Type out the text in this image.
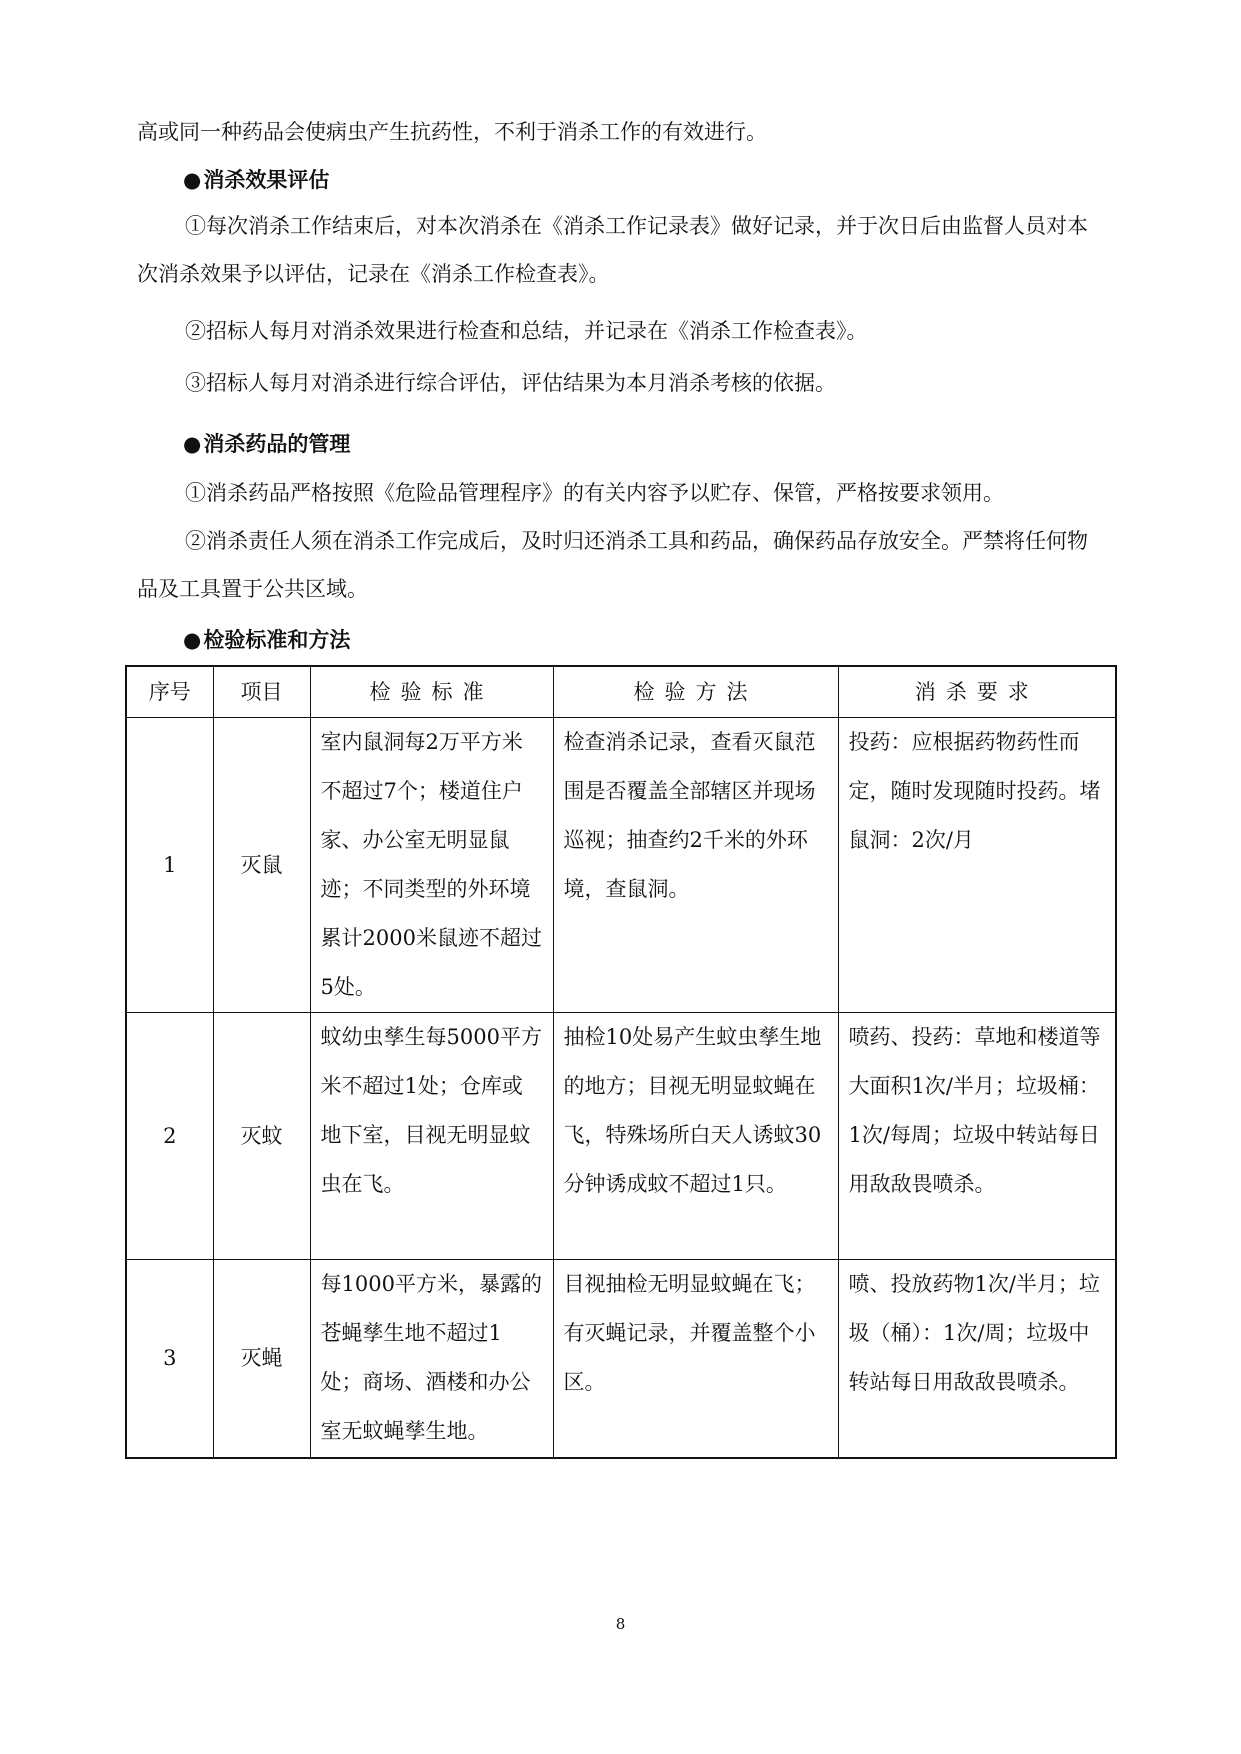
高或同一种药品会使病虫产生抗药性，不利于消杀工作的有效进行。

●消杀效果评估

①每次消杀工作结束后，对本次消杀在《消杀工作记录表》做好记录，并于次日后由监督人员对本次消杀效果予以评估，记录在《消杀工作检查表》。

②招标人每月对消杀效果进行检查和总结，并记录在《消杀工作检查表》。

③招标人每月对消杀进行综合评估，评估结果为本月消杀考核的依据。

●消杀药品的管理

①消杀药品严格按照《危险品管理程序》的有关内容予以贮存、保管，严格按要求领用。

②消杀责任人须在消杀工作完成后，及时归还消杀工具和药品，确保药品存放安全。严禁将任何物品及工具置于公共区域。

●检验标准和方法

序号	项目	检验标准	检验方法	消杀要求
1	灭鼠	室内鼠洞每2万平方米不超过7个；楼道住户家、办公室无明显鼠迹；不同类型的外环境累计2000米鼠迹不超过5处。	检查消杀记录，查看灭鼠范围是否覆盖全部辖区并现场巡视；抽查约2千米的外环境，查鼠洞。	投药：应根据药物药性而定，随时发现随时投药。堵鼠洞：2次/月
2	灭蚊	蚊幼虫孳生每5000平方米不超过1处；仓库或地下室，目视无明显蚊虫在飞。	抽检10处易产生蚊虫孳生地的地方；目视无明显蚊蝇在飞，特殊场所白天人诱蚊30分钟诱成蚊不超过1只。	喷药、投药：草地和楼道等大面积1次/半月；垃圾桶：1次/每周；垃圾中转站每日用敌敌畏喷杀。
3	灭蝇	每1000平方米，暴露的苍蝇孳生地不超过1处；商场、酒楼和办公室无蚊蝇孳生地。	目视抽检无明显蚊蝇在飞；有灭蝇记录，并覆盖整个小区。	喷、投放药物1次/半月；垃圾（桶）：1次/周；垃圾中转站每日用敌敌畏喷杀。
8
